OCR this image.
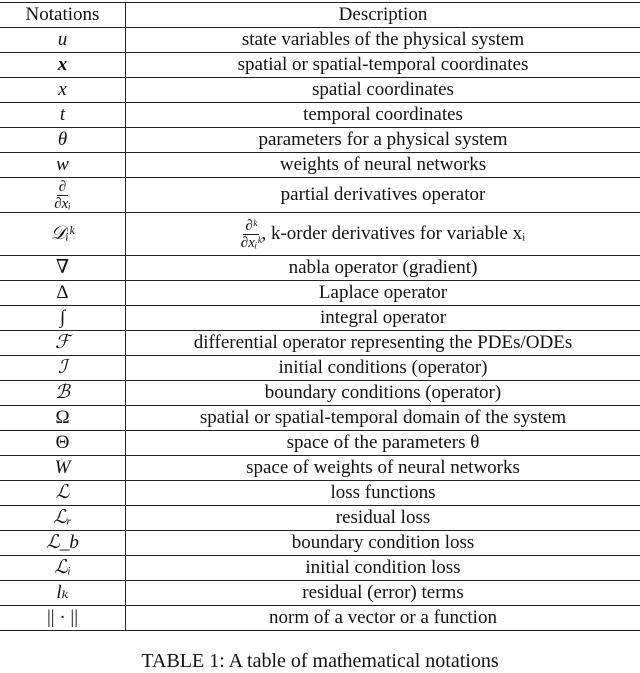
Notations	Description
u	state variables of the physical system
x	spatial or spatial-temporal coordinates
x	spatial coordinates
t	temporal coordinates
θ	parameters for a physical system
w	weights of neural networks

$\frac{\partial}{\text{∂xᵢ}}$	partial derivatives operator
𝒟ᵢᵏ	$\frac{\text{∂ᵏ}}{\text{∂xᵢᵏ}}$ , k-order derivatives for variable xᵢ
∇	nabla operator (gradient)
Δ	Laplace operator
∫	integral operator
ℱ	differential operator representing the PDEs/ODEs
ℐ	initial conditions (operator)
ℬ	boundary conditions (operator)
Ω	spatial or spatial-temporal domain of the system
Θ	space of the parameters θ
W	space of weights of neural networks
ℒ	loss functions
ℒᵣ	residual loss
ℒ_b	boundary condition loss
ℒᵢ	initial condition loss
lₖ	residual (error) terms
|| · ||	norm of a vector or a function
TABLE 1: A table of mathematical notations
